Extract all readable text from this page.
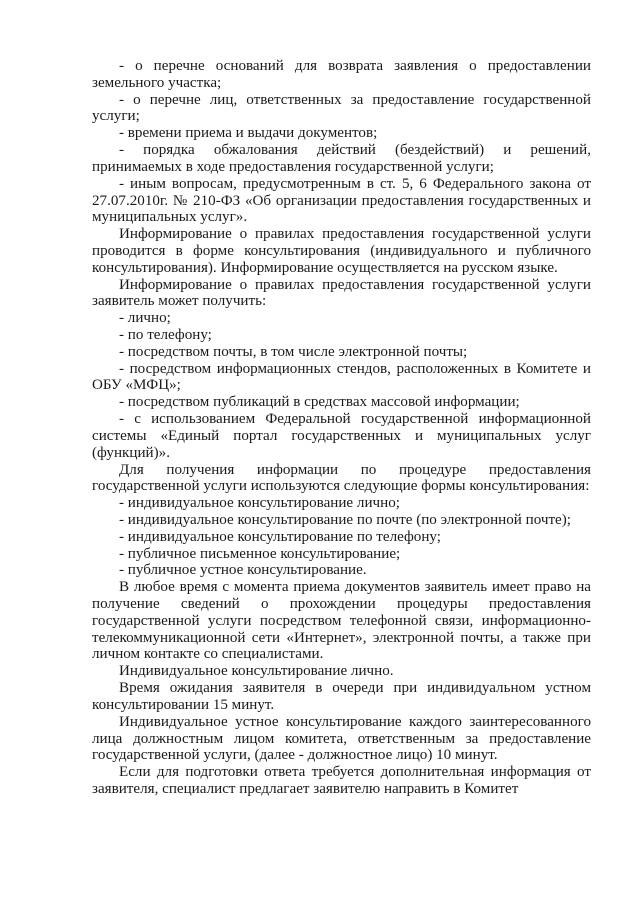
- о перечне оснований для возврата заявления о предоставлении земельного участка;

- о перечне лиц, ответственных за предоставление государственной услуги;

- времени приема и выдачи документов;

- порядка обжалования действий (бездействий) и решений, принимаемых в ходе предоставления государственной услуги;

- иным вопросам, предусмотренным в ст. 5, 6 Федерального закона от 27.07.2010г. № 210-ФЗ «Об организации предоставления государственных и муниципальных услуг».

Информирование о правилах предоставления государственной услуги проводится в форме консультирования (индивидуального и публичного консультирования). Информирование осуществляется на русском языке.

Информирование о правилах предоставления государственной услуги заявитель может получить:

- лично;

- по телефону;

- посредством почты, в том числе электронной почты;

- посредством информационных стендов, расположенных в Комитете и ОБУ «МФЦ»;

- посредством публикаций в средствах массовой информации;

- с использованием Федеральной государственной информационной системы «Единый портал государственных и муниципальных услуг (функций)».

Для получения информации по процедуре предоставления государственной услуги используются следующие формы консультирования:

- индивидуальное консультирование лично;

- индивидуальное консультирование по почте (по электронной почте);

- индивидуальное консультирование по телефону;

- публичное письменное консультирование;

- публичное устное консультирование.

В любое время с момента приема документов заявитель имеет право на получение сведений о прохождении процедуры предоставления государственной услуги посредством телефонной связи, информационно-телекоммуникационной сети «Интернет», электронной почты, а также при личном контакте со специалистами.

Индивидуальное консультирование лично.

Время ожидания заявителя в очереди при индивидуальном устном консультировании 15 минут.

Индивидуальное устное консультирование каждого заинтересованного лица должностным лицом комитета, ответственным за предоставление государственной услуги, (далее - должностное лицо) 10 минут.

Если для подготовки ответа требуется дополнительная информация от заявителя, специалист предлагает заявителю направить в Комитет
